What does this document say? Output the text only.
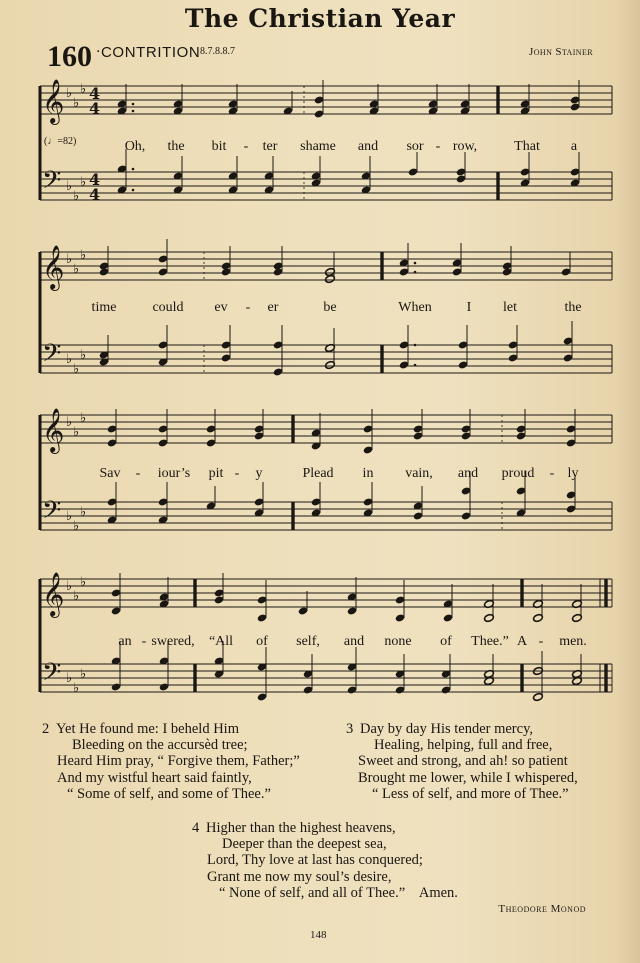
The Christian Year
160 · CONTRITION 8.7.8.8.7	John Stainer
𝄞
𝄢
♭
♭
♭
♭
♭
♭
4
4
4
4
𝄞
𝄢
♭
♭
♭
♭
♭
♭
𝄞
𝄢
♭
♭
♭
♭
♭
♭
𝄞
𝄢
♭
♭
♭
♭
♭
♭
Oh, the bit - ter shame and sor - row,	That a
time	could ev - er	be	When I let	the
Sav - iour’s pit - y	Plead in vain, and proud - ly
an - swered, “All of self, and none of Thee.” A - men.
(♩=82)
2 Yet He found me: I beheld Him
Bleeding on the accursèd tree;
Heard Him pray, “ Forgive them, Father;”
And my wistful heart said faintly,
“ Some of self, and some of Thee.”
3 Day by day His tender mercy,
Healing, helping, full and free,
Sweet and strong, and ah! so patient
Brought me lower, while I whispered,
“ Less of self, and more of Thee.”
4 Higher than the highest heavens,
Deeper than the deepest sea,
Lord, Thy love at last has conquered;
Grant me now my soul’s desire,
“ None of self, and all of Thee.”    Amen.
Theodore Monod
148
